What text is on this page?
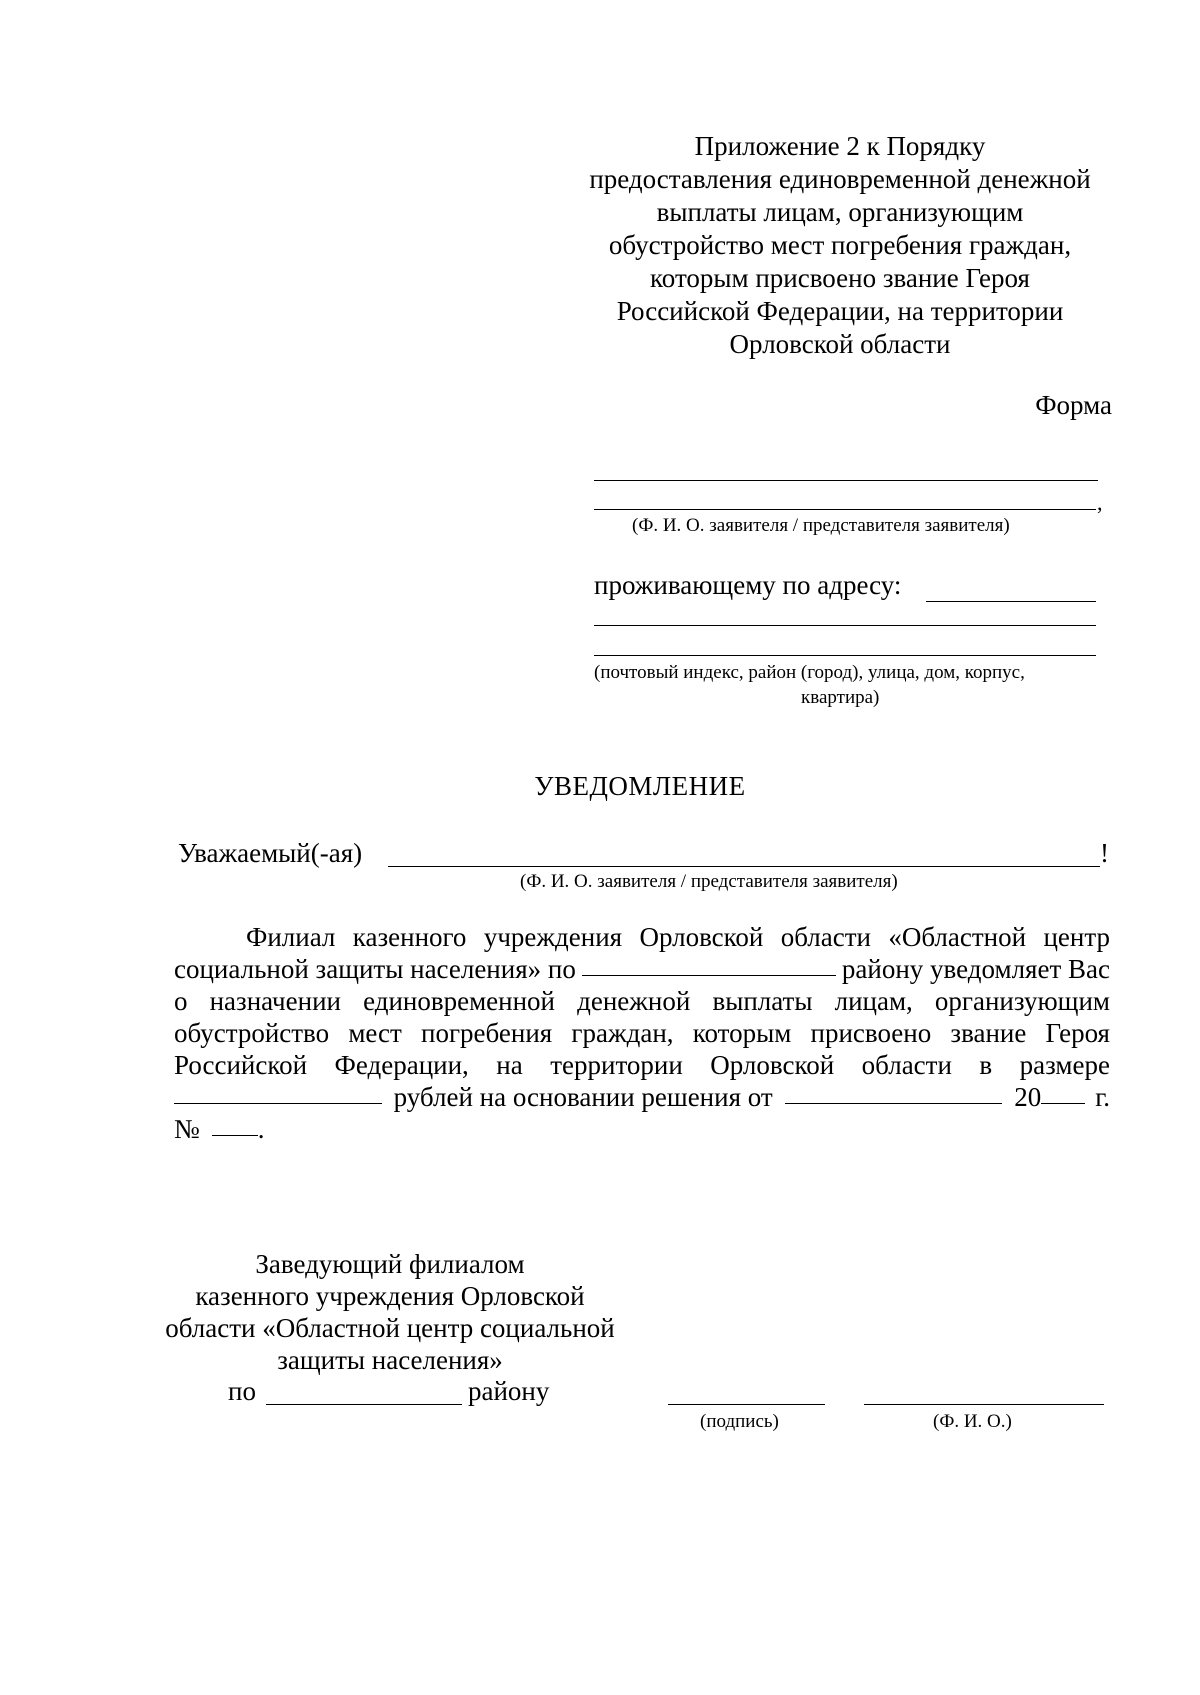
Приложение 2 к Порядку
предоставления единовременной денежной
выплаты лицам, организующим
обустройство мест погребения граждан,
которым присвоено звание Героя
Российской Федерации, на территории
Орловской области
Форма
,
(Ф. И. О. заявителя / представителя заявителя)
проживающему по адресу:
(почтовый индекс, район (город), улица, дом, корпус,
квартира)
УВЕДОМЛЕНИЕ
Уважаемый(-ая)	!
(Ф. И. О. заявителя / представителя заявителя)
Филиал казенного учреждения Орловской области «Областной центр
социальной защиты населения» по	району уведомляет Вас
о назначении единовременной денежной выплаты лицам, организующим
обустройство мест погребения граждан, которым присвоено звание Героя
Российской Федерации, на территории Орловской области в размере
рублей на основании решения от	20 г.
№ .
Заведующий филиалом
казенного учреждения Орловской
области «Областной центр социальной
защиты населения»
по	району
(подпись)	(Ф. И. О.)
